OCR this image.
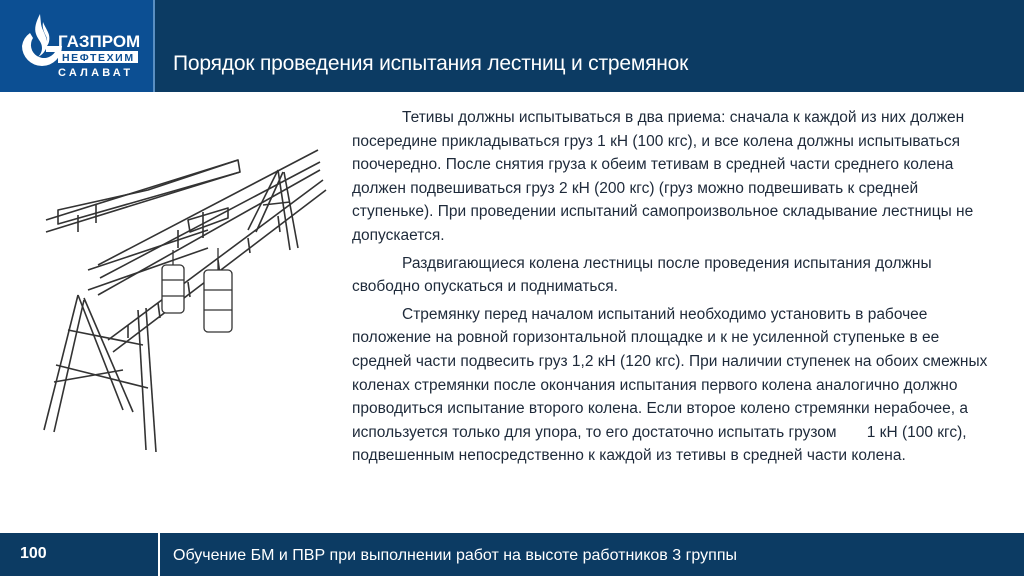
ГАЗПРОМ
НЕФТЕХИМ
САЛАВАТ Порядок проведения испытания лестниц и стремянок

Тетивы должны испытываться в два приема: сначала к каждой из них должен посередине прикладываться груз 1 кН (100 кгс), и все колена должны испытываться поочередно. После снятия груза к обеим тетивам в средней части среднего колена должен подвешиваться груз 2 кН (200 кгс) (груз можно подвешивать к средней ступеньке). При проведении испытаний самопроизвольное складывание лестницы не допускается.

Раздвигающиеся колена лестницы после проведения испытания должны свободно опускаться и подниматься.

Стремянку перед началом испытаний необходимо установить в рабочее положение на ровной горизонтальной площадке и к не усиленной ступеньке в ее средней части подвесить груз 1,2 кН (120 кгс). При наличии ступенек на обоих смежных коленах стремянки после окончания испытания первого колена аналогично должно проводиться испытание второго колена. Если второе колено стремянки нерабочее, а используется только для упора, то его достаточно испытать грузом       1 кН (100 кгс), подвешенным непосредственно к каждой из тетивы в средней части колена.

100	Обучение БМ и ПВР при выполнении работ на высоте работников 3 группы
